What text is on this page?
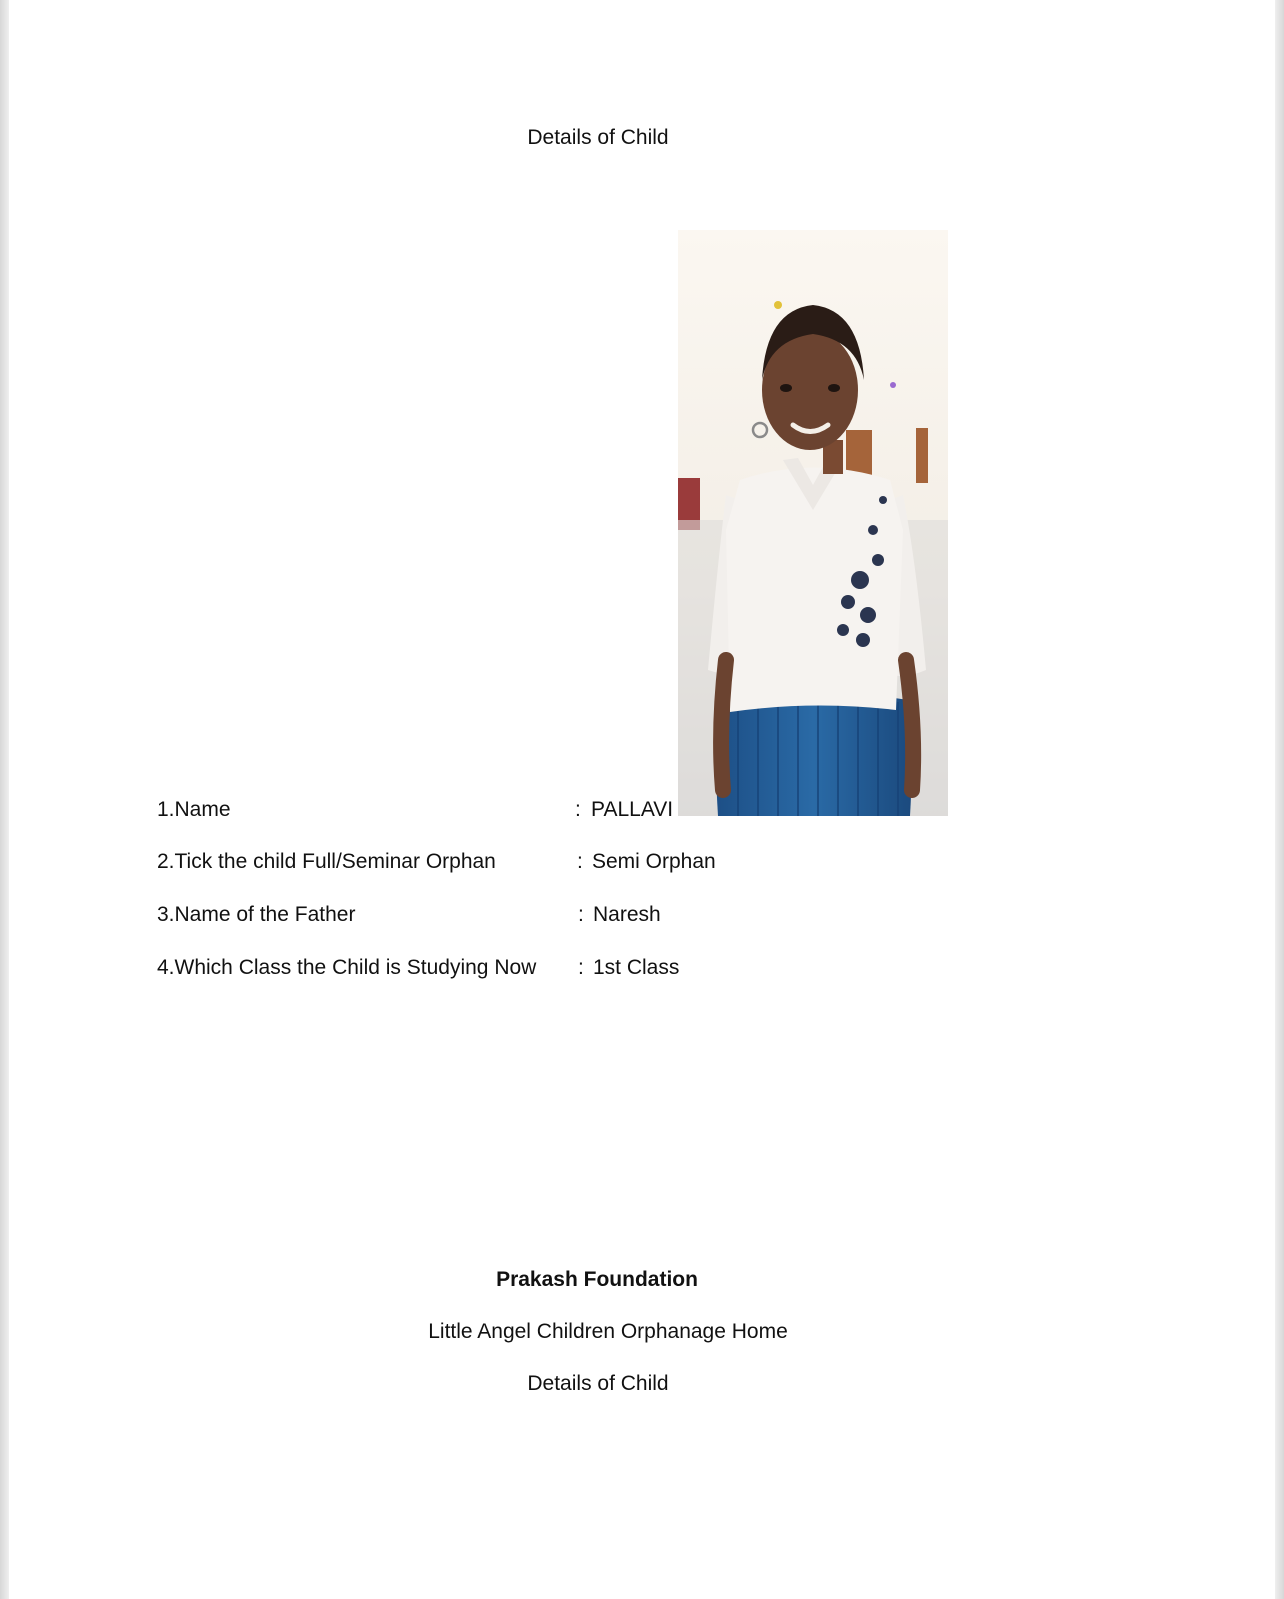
Details of Child
1.Name	: PALLAVI
2.Tick the child Full/Seminar Orphan	: Semi Orphan
3.Name of the Father	: Naresh
4.Which Class the Child is Studying Now : 1st Class
Prakash Foundation
Little Angel Children Orphanage Home
Details of Child
